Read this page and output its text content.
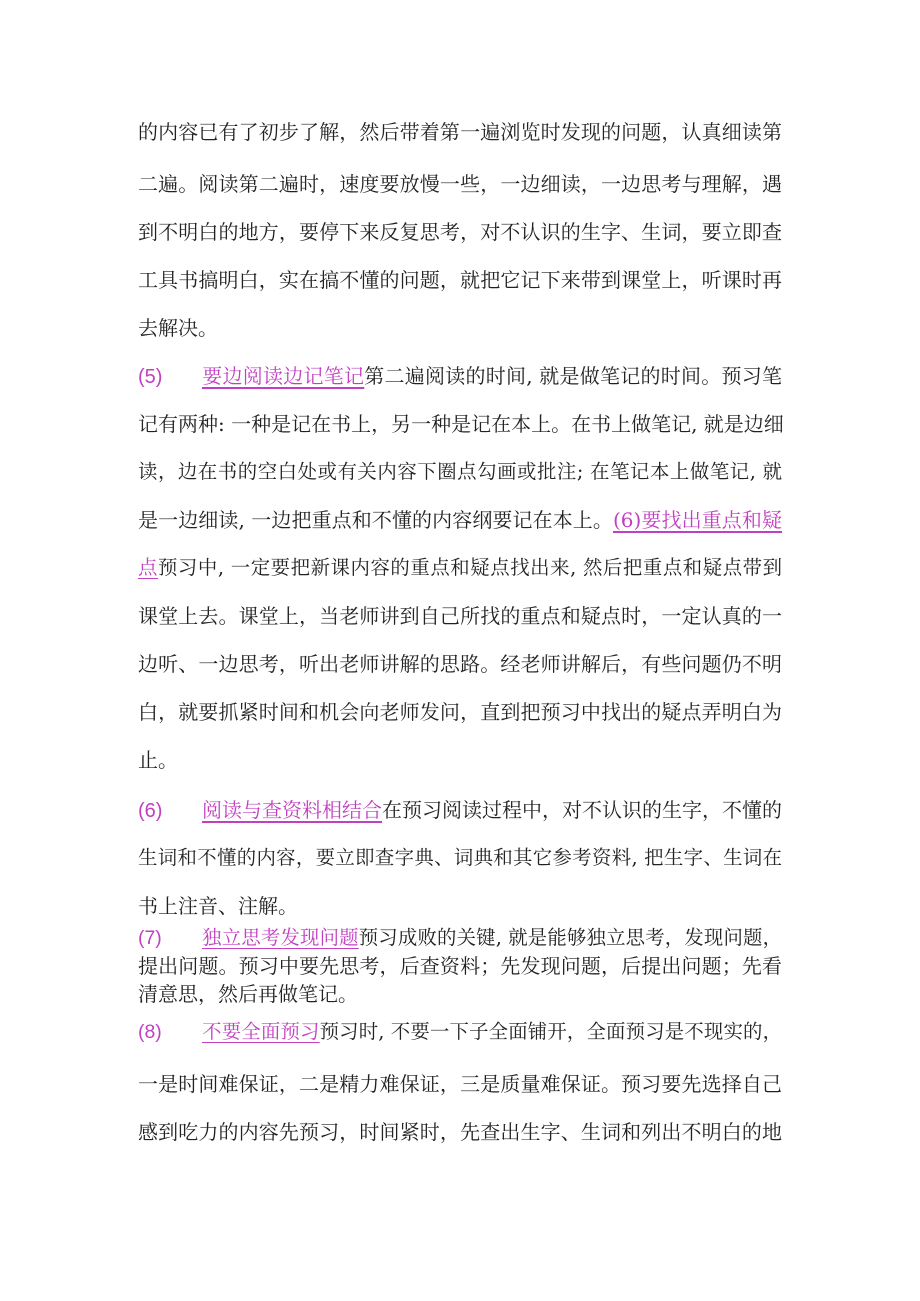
的内容已有了初步了解，然后带着第一遍浏览时发现的问题，认真细读第
二遍。阅读第二遍时，速度要放慢一些，一边细读，一边思考与理解，遇
到不明白的地方，要停下来反复思考，对不认识的生字、生词，要立即查
工具书搞明白，实在搞不懂的问题，就把它记下来带到课堂上，听课时再
去解决。
(5) 要边阅读边记笔记第二遍阅读的时间, 就是做笔记的时间。预习笔
记有两种: 一种是记在书上，另一种是记在本上。在书上做笔记, 就是边细
读，边在书的空白处或有关内容下圈点勾画或批注; 在笔记本上做笔记, 就
是一边细读, 一边把重点和不懂的内容纲要记在本上。(6)要找出重点和疑
点预习中, 一定要把新课内容的重点和疑点找出来, 然后把重点和疑点带到
课堂上去。课堂上，当老师讲到自己所找的重点和疑点时，一定认真的一
边听、一边思考，听出老师讲解的思路。经老师讲解后，有些问题仍不明
白，就要抓紧时间和机会向老师发问，直到把预习中找出的疑点弄明白为
止。
(6) 阅读与查资料相结合在预习阅读过程中，对不认识的生字，不懂的
生词和不懂的内容，要立即查字典、词典和其它参考资料, 把生字、生词在
书上注音、注解。
(7) 独立思考发现问题预习成败的关键, 就是能够独立思考，发现问题，
提出问题。预习中要先思考，后查资料；先发现问题，后提出问题；先看
清意思，然后再做笔记。
(8) 不要全面预习预习时, 不要一下子全面铺开，全面预习是不现实的，
一是时间难保证，二是精力难保证，三是质量难保证。预习要先选择自己
感到吃力的内容先预习，时间紧时，先查出生字、生词和列出不明白的地
